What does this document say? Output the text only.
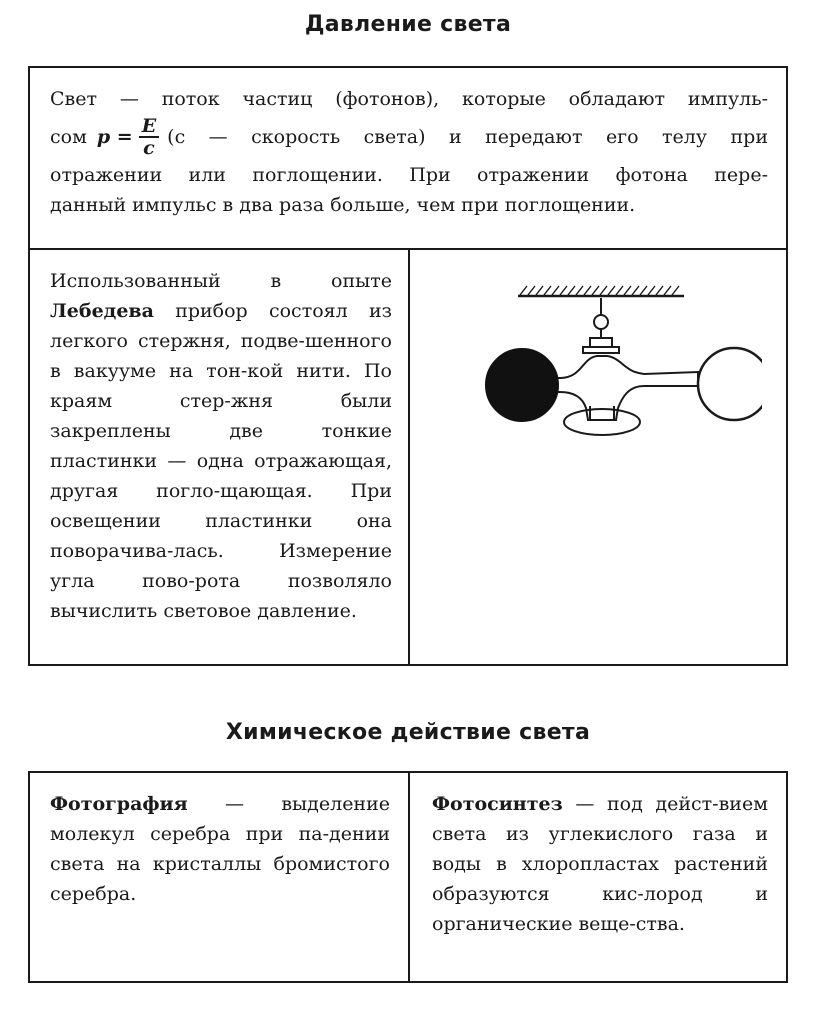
Давление света
Свет — поток частиц (фотонов), которые обладают импуль-
сом $p = \frac{E}{c} (c$ — скорость света) и передают его телу при
отражении или поглощении. При отражении фотона пере-
данный импульс в два раза больше, чем при поглощении.
Использованный в опыте Лебедева прибор состоял из легкого стержня, подве-шенного в вакууме на тон-кой нити. По краям стер-жня были закреплены две тонкие пластинки — одна отражающая, другая погло-щающая. При освещении пластинки она поворачива-лась. Измерение угла пово-рота позволяло вычислить световое давление.
Химическое действие света
Фотография — выделение молекул серебра при па-дении света на кристаллы бромистого серебра.
Фотосинтез — под дейст-вием света из углекислого газа и воды в хлоропластах растений образуются кис-лород и органические веще-ства.
